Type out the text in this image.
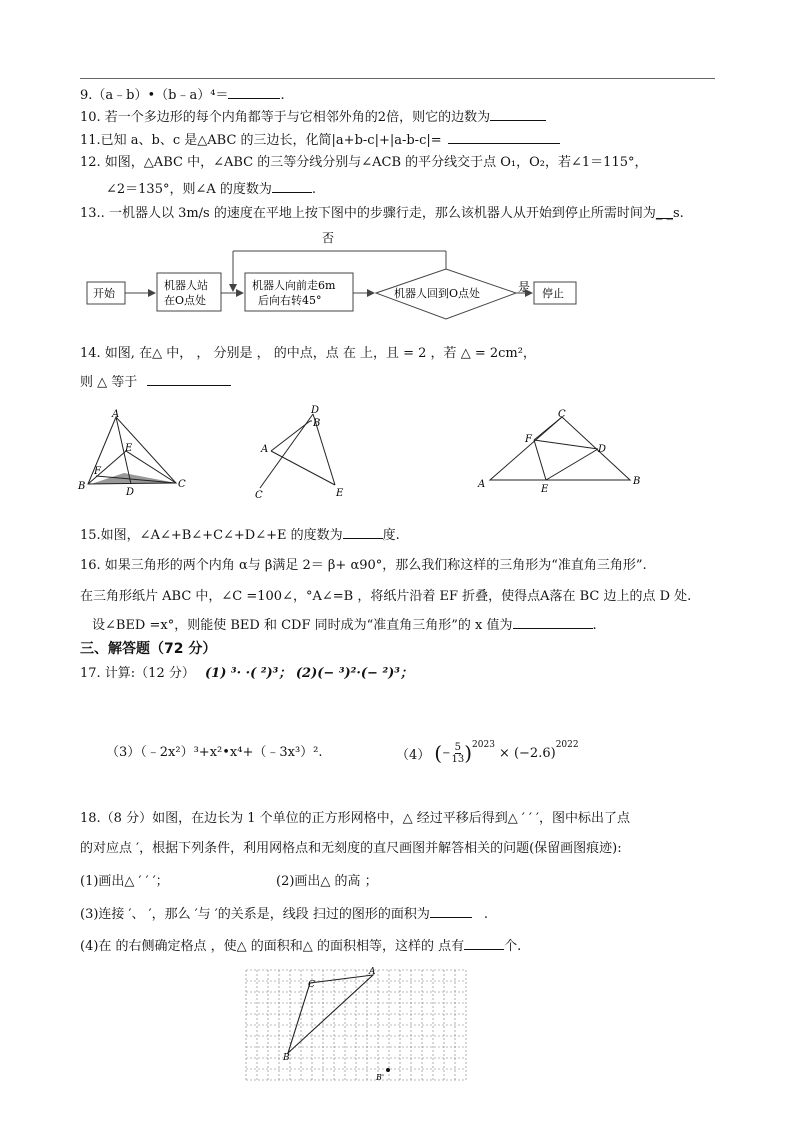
9.（a﹣b）•（b﹣a）⁴＝	.
10. 若一个多边形的每个内角都等于与它相邻外角的2倍，则它的边数为
11.已知 a、b、c 是△ABC 的三边长，化简|a+b-c|+|a-b-c|=
12. 如图，△ABC 中，∠ABC 的三等分线分别与∠ACB 的平分线交于点 O₁，O₂，若∠1＝115°，
∠2＝135°，则∠A 的度数为	.
13.. 一机器人以 3m/s 的速度在平地上按下图中的步骤行走，那么该机器人从开始到停止所需时间为_ _s.
否
开始
机器人站
在O点处
机器人向前走6m
后向右转45°
机器人回到O点处	是 停止
14. 如图, 在△ 中， ， 分别是 ， 的中点，点 在 上，且 = 2 ，若 △ = 2cm²，
则 △ 等于
A
E
F
B
D
C
D
A
B
C	E
C
F
D
A	E
B
15.如图，∠A∠+B∠+C∠+D∠+E 的度数为	度.
16. 如果三角形的两个内角 α与 β满足 2＝ β+ α90°，那么我们称这样的三角形为“准直角三角形”.
在三角形纸片 ABC 中，∠C =100∠，°A∠=B ，将纸片沿着 EF 折叠，使得点A落在 BC 边上的点 D 处.
设∠BED =x°，则能使 BED 和 CDF 同时成为“准直角三角形”的 x 值为	.
三、解答题（72 分）
17. 计算:（12 分） (1) ³· ·( ²)³； (2)(− ³)²·(− ²)³；
（3）（﹣2x²）³+x²•x⁴+（﹣3x³）².	（4） ( −
5
13 )$^{2023}$
× (−2.6)
$^{2022}$
18.（8 分）如图，在边长为 1 个单位的正方形网格中，△ 经过平移后得到△ ′ ′ ′，图中标出了点
的对应点 ′，根据下列条件，利用网格点和无刻度的直尺画图并解答相关的问题(保留画图痕迹):
(1)画出△ ′ ′ ′；	(2)画出△ 的高 ；
(3)连接 ′、 ′，那么 ′与 ′的关系是，线段 扫过的图形的面积为	.
(4)在 的右侧确定格点 ，使△ 的面积和△ 的面积相等，这样的 点有	个.
A
C
B
B'
